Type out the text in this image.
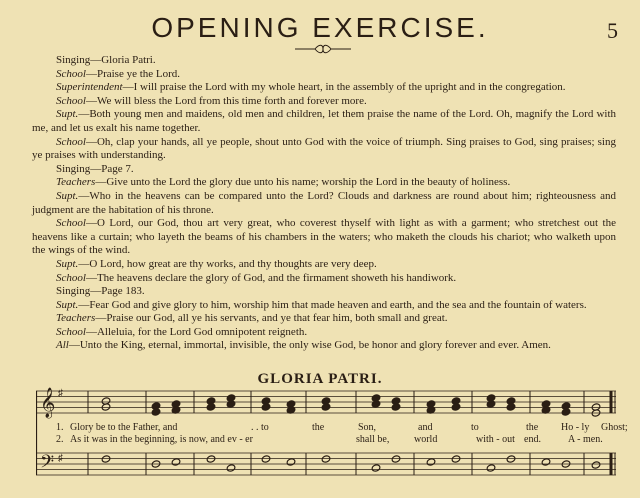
OPENING EXERCISE.	5

Singing—Gloria Patri.

School—Praise ye the Lord.

Superintendent—I will praise the Lord with my whole heart, in the assembly of the upright and in the congregation.

School—We will bless the Lord from this time forth and forever more.

Supt.—Both young men and maidens, old men and children, let them praise the name of the Lord. Oh, magnify the Lord with me, and let us exalt his name together.

School—Oh, clap your hands, all ye people, shout unto God with the voice of triumph. Sing praises to God, sing praises; sing ye praises with understanding.

Singing—Page 7.

Teachers—Give unto the Lord the glory due unto his name; worship the Lord in the beauty of holiness.

Supt.—Who in the heavens can be compared unto the Lord? Clouds and darkness are round about him; righteousness and judgment are the habitation of his throne.

School—O Lord, our God, thou art very great, who coverest thyself with light as with a garment; who stretchest out the heavens like a curtain; who layeth the beams of his chambers in the waters; who maketh the clouds his chariot; who walketh upon the wings of the wind.

Supt.—O Lord, how great are thy works, and thy thoughts are very deep.

School—The heavens declare the glory of God, and the firmament showeth his handiwork.

Singing—Page 183.

Supt.—Fear God and give glory to him, worship him that made heaven and earth, and the sea and the fountain of waters.

Teachers—Praise our God, all ye his servants, and ye that fear him, both small and great.

School—Alleluia, for the Lord God omnipotent reigneth.

All—Unto the King, eternal, immortal, invisible, the only wise God, be honor and glory forever and ever. Amen.

GLORIA PATRI.
𝄞
𝄢
♯
♯
1. Glory be to the Father, and	. . to	the	Son,	and	to	the Ho - ly Ghost;
2. As it was in the beginning, is now, and ev - er	shall be, world	with - out end.	A - men.
